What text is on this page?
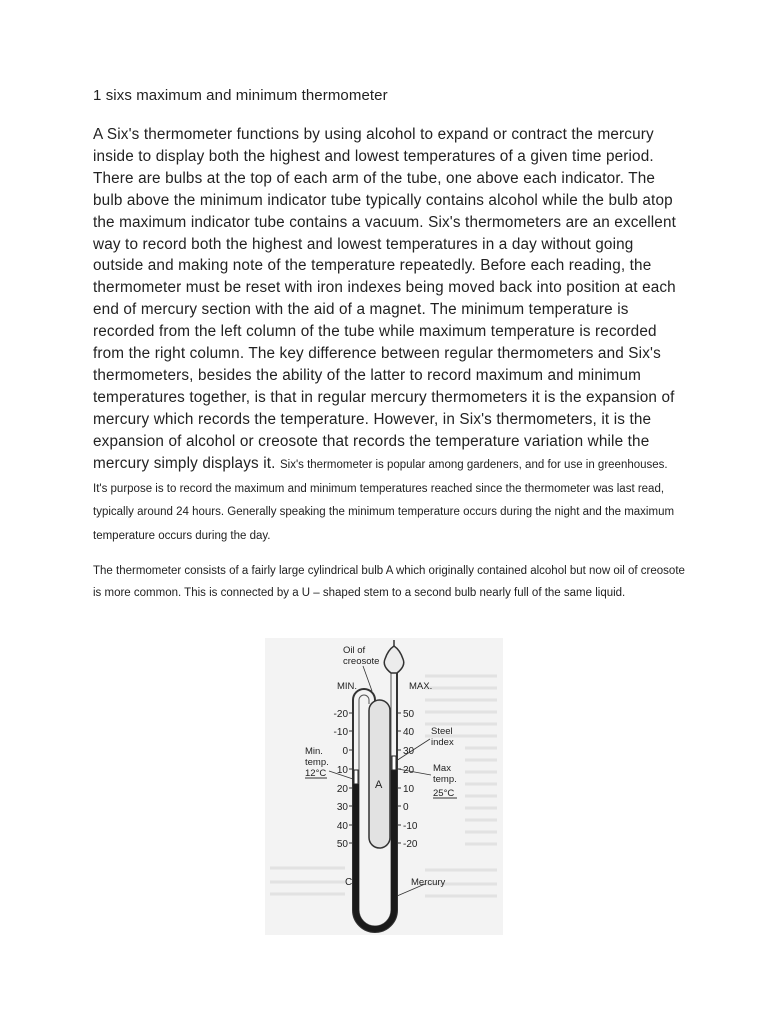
1 sixs maximum and minimum thermometer
A Six's thermometer functions by using alcohol to expand or contract the mercury inside to display both the highest and lowest temperatures of a given time period. There are bulbs at the top of each arm of the tube, one above each indicator. The bulb above the minimum indicator tube typically contains alcohol while the bulb atop the maximum indicator tube contains a vacuum. Six's thermometers are an excellent way to record both the highest and lowest temperatures in a day without going outside and making note of the temperature repeatedly. Before each reading, the thermometer must be reset with iron indexes being moved back into position at each end of mercury section with the aid of a magnet. The minimum temperature is recorded from the left column of the tube while maximum temperature is recorded from the right column. The key difference between regular thermometers and Six's thermometers, besides the ability of the latter to record maximum and minimum temperatures together, is that in regular mercury thermometers it is the expansion of mercury which records the temperature. However, in Six's thermometers, it is the expansion of alcohol or creosote that records the temperature variation while the mercury simply displays it. Six's thermometer is popular among gardeners, and for use in greenhouses. It's purpose is to record the maximum and minimum temperatures reached since the thermometer was last read, typically around 24 hours. Generally speaking the minimum temperature occurs during the night and the maximum temperature occurs during the day.
The thermometer consists of a fairly large cylindrical bulb A which originally contained alcohol but now oil of creosote is more common. This is connected by a U – shaped stem to a second bulb nearly full of the same liquid.
-20
-10
0
10
20
30
40
50
50
40
30
20
10
0
-10
-20
Oil of
creosote
MIN.	MAX.
Steel
index
Min.
temp.
12°C	Max
temp.
25°C
A
C	Mercury
